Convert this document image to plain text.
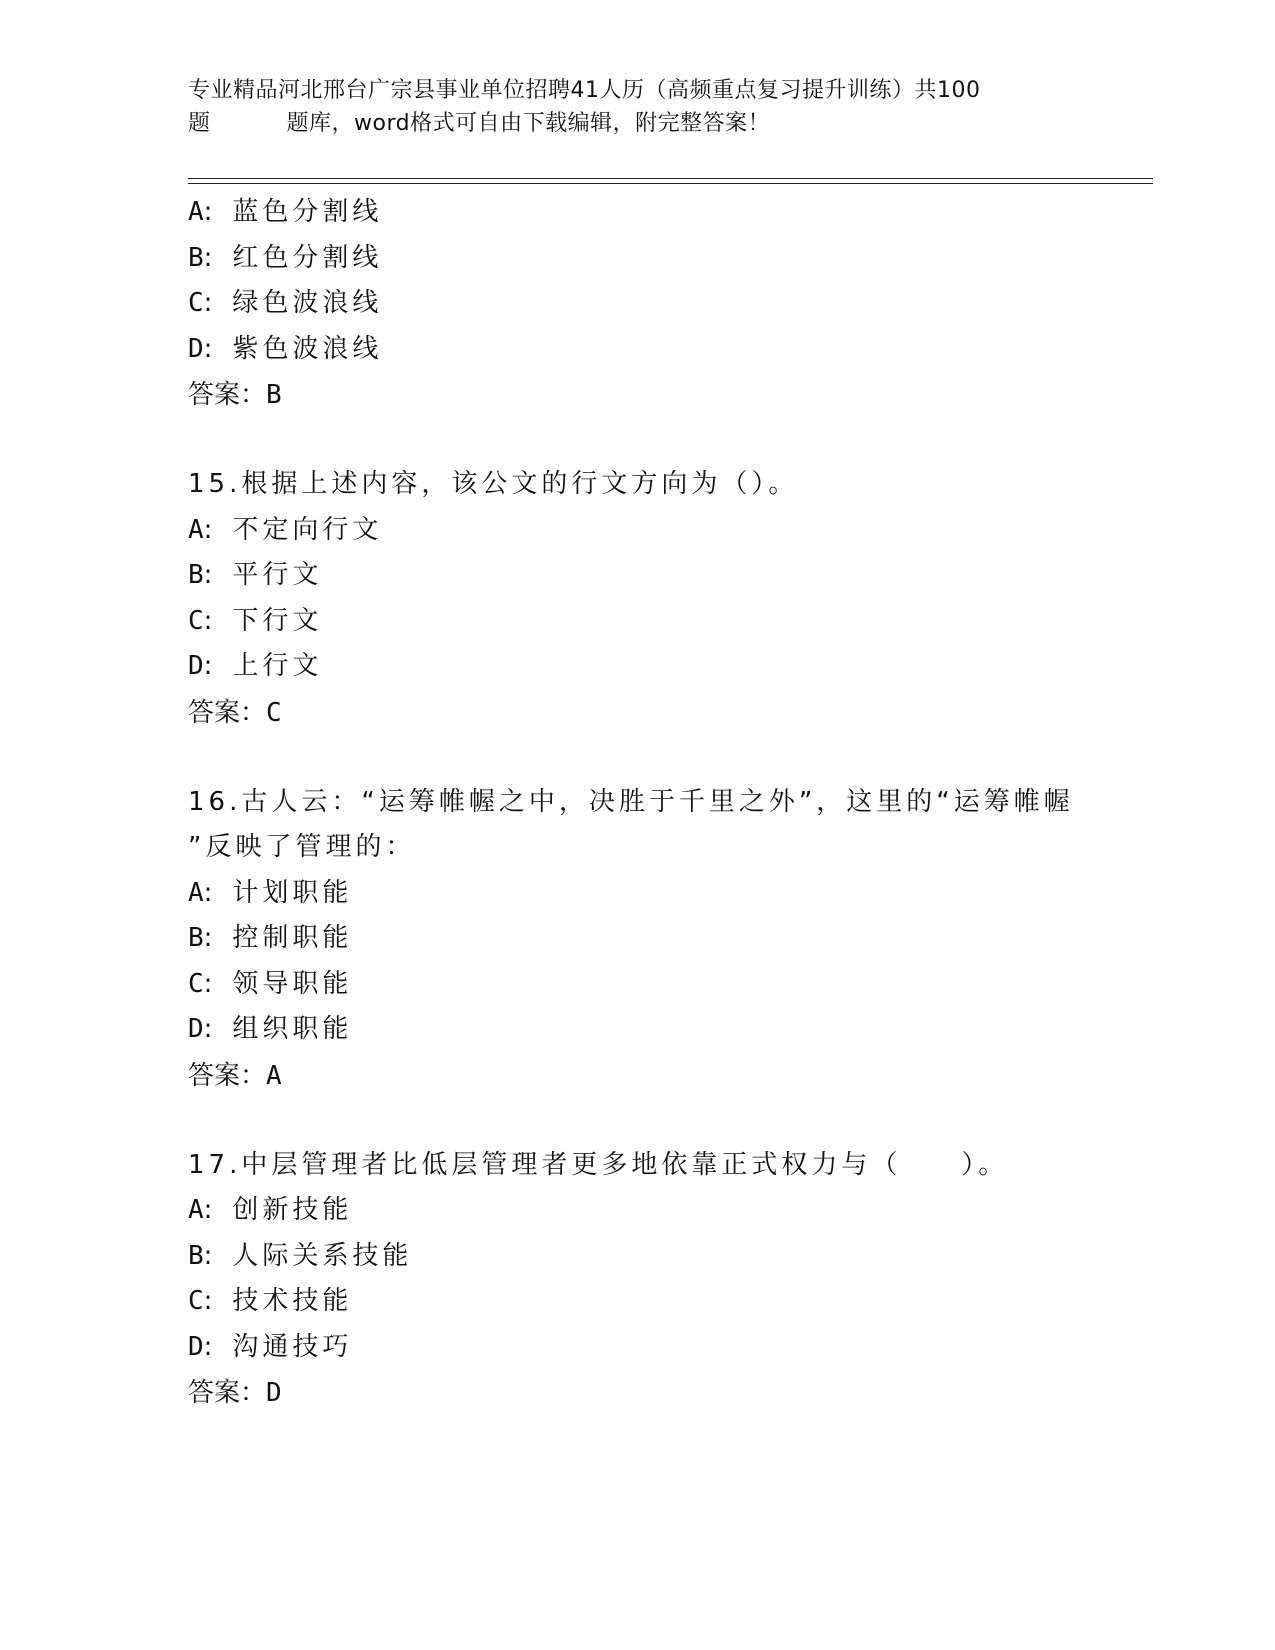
专业精品河北邢台广宗县事业单位招聘41人历（高频重点复习提升训练）共100
题	题库，word格式可自由下载编辑，附完整答案！
A: 蓝色分割线
B: 红色分割线
C: 绿色波浪线
D: 紫色波浪线
答案：B
15.根据上述内容，该公文的行文方向为（）。
A: 不定向行文
B: 平行文
C: 下行文
D: 上行文
答案：C
16.古人云：“运筹帷幄之中，决胜于千里之外”，这里的“运筹帷幄
”反映了管理的：
A: 计划职能
B: 控制职能
C: 领导职能
D: 组织职能
答案：A
17.中层管理者比低层管理者更多地依靠正式权力与（　　）。
A: 创新技能
B: 人际关系技能
C: 技术技能
D: 沟通技巧
答案：D
